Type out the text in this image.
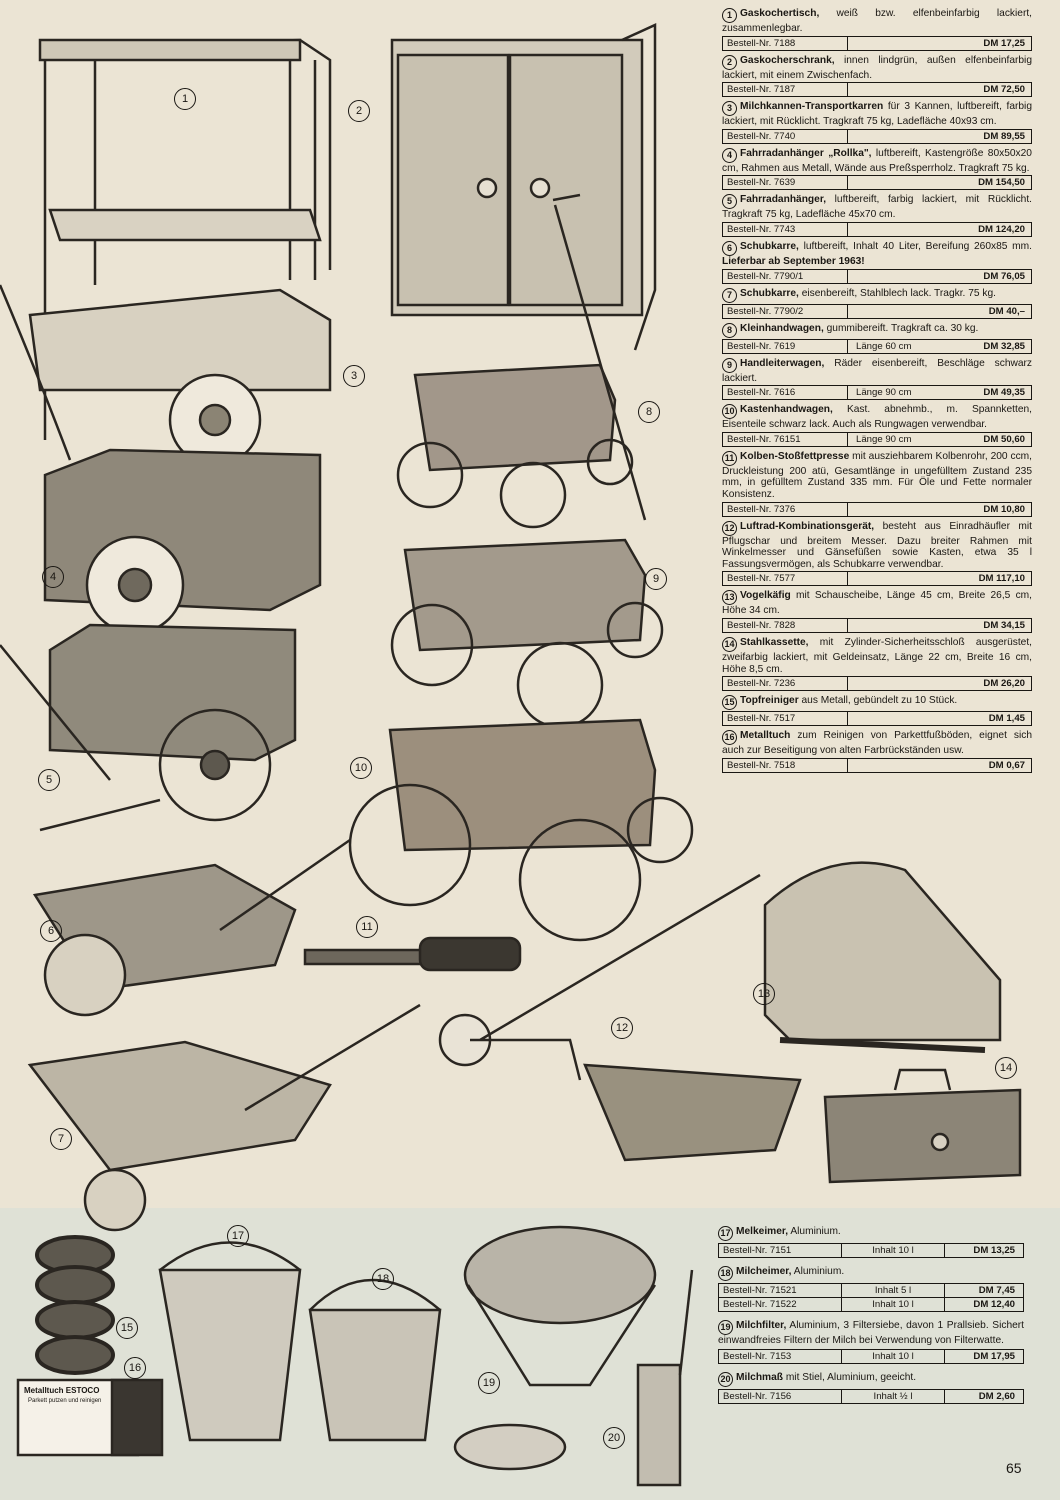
1
2
3
4
5
6
7
8
9
10
11
12
13
14
15
16
17
18
19
20
Metalltuch ESTOCO
Parkett putzen und reinigen
1 Gaskochertisch, weiß bzw. elfenbeinfarbig lackiert, zusammenlegbar.
Bestell-Nr. 7188	DM 17,25
2 Gaskocherschrank, innen lindgrün, außen elfenbeinfarbig lackiert, mit einem Zwischenfach.
Bestell-Nr. 7187	DM 72,50
3 Milchkannen-Transportkarren für 3 Kannen, luftbereift, farbig lackiert, mit Rücklicht. Tragkraft 75 kg, Ladefläche 40x93 cm.
Bestell-Nr. 7740	DM 89,55
4 Fahrradanhänger „Rollka", luftbereift, Kastengröße 80x50x20 cm, Rahmen aus Metall, Wände aus Preßsperrholz. Tragkraft 75 kg.
Bestell-Nr. 7639	DM 154,50
5 Fahrradanhänger, luftbereift, farbig lackiert, mit Rücklicht. Tragkraft 75 kg, Ladefläche 45x70 cm.
Bestell-Nr. 7743	DM 124,20
6 Schubkarre, luftbereift, Inhalt 40 Liter, Bereifung 260x85 mm. Lieferbar ab September 1963!
Bestell-Nr. 7790/1	DM 76,05
7 Schubkarre, eisenbereift, Stahlblech lack. Tragkr. 75 kg.
Bestell-Nr. 7790/2	DM 40,–
8 Kleinhandwagen, gummibereift. Tragkraft ca. 30 kg.
Bestell-Nr. 7619	Länge 60 cm	DM 32,85
9 Handleiterwagen, Räder eisenbereift, Beschläge schwarz lackiert.
Bestell-Nr. 7616	Länge 90 cm	DM 49,35
10 Kastenhandwagen, Kast. abnehmb., m. Spannketten, Eisenteile schwarz lack. Auch als Rungwagen verwendbar.
Bestell-Nr. 76151	Länge 90 cm	DM 50,60
11 Kolben-Stoßfettpresse mit ausziehbarem Kolbenrohr, 200 ccm, Druckleistung 200 atü, Gesamtlänge in ungefülltem Zustand 235 mm, in gefülltem Zustand 335 mm. Für Öle und Fette normaler Konsistenz.
Bestell-Nr. 7376	DM 10,80
12 Luftrad-Kombinationsgerät, besteht aus Einradhäufler mit Pflugschar und breitem Messer. Dazu breiter Rahmen mit Winkelmesser und Gänsefüßen sowie Kasten, etwa 35 l Fassungsvermögen, als Schubkarre verwendbar.
Bestell-Nr. 7577	DM 117,10
13 Vogelkäfig mit Schauscheibe, Länge 45 cm, Breite 26,5 cm, Höhe 34 cm.
Bestell-Nr. 7828	DM 34,15
14 Stahlkassette, mit Zylinder-Sicherheitsschloß ausgerüstet, zweifarbig lackiert, mit Geldeinsatz, Länge 22 cm, Breite 16 cm, Höhe 8,5 cm.
Bestell-Nr. 7236	DM 26,20
15 Topfreiniger aus Metall, gebündelt zu 10 Stück.
Bestell-Nr. 7517	DM 1,45
16 Metalltuch zum Reinigen von Parkettfußböden, eignet sich auch zur Beseitigung von alten Farbrückständen usw.
Bestell-Nr. 7518	DM 0,67
17 Melkeimer, Aluminium.
Bestell-Nr. 7151	Inhalt 10 l	DM 13,25
18 Milcheimer, Aluminium.
Bestell-Nr. 71521	Inhalt 5 l	DM 7,45
Bestell-Nr. 71522	Inhalt 10 l	DM 12,40
19 Milchfilter, Aluminium, 3 Filtersiebe, davon 1 Prallsieb. Sichert einwandfreies Filtern der Milch bei Verwendung von Filterwatte.
Bestell-Nr. 7153	Inhalt 10 l	DM 17,95
20 Milchmaß mit Stiel, Aluminium, geeicht.
Bestell-Nr. 7156	Inhalt ½ l	DM 2,60
65
